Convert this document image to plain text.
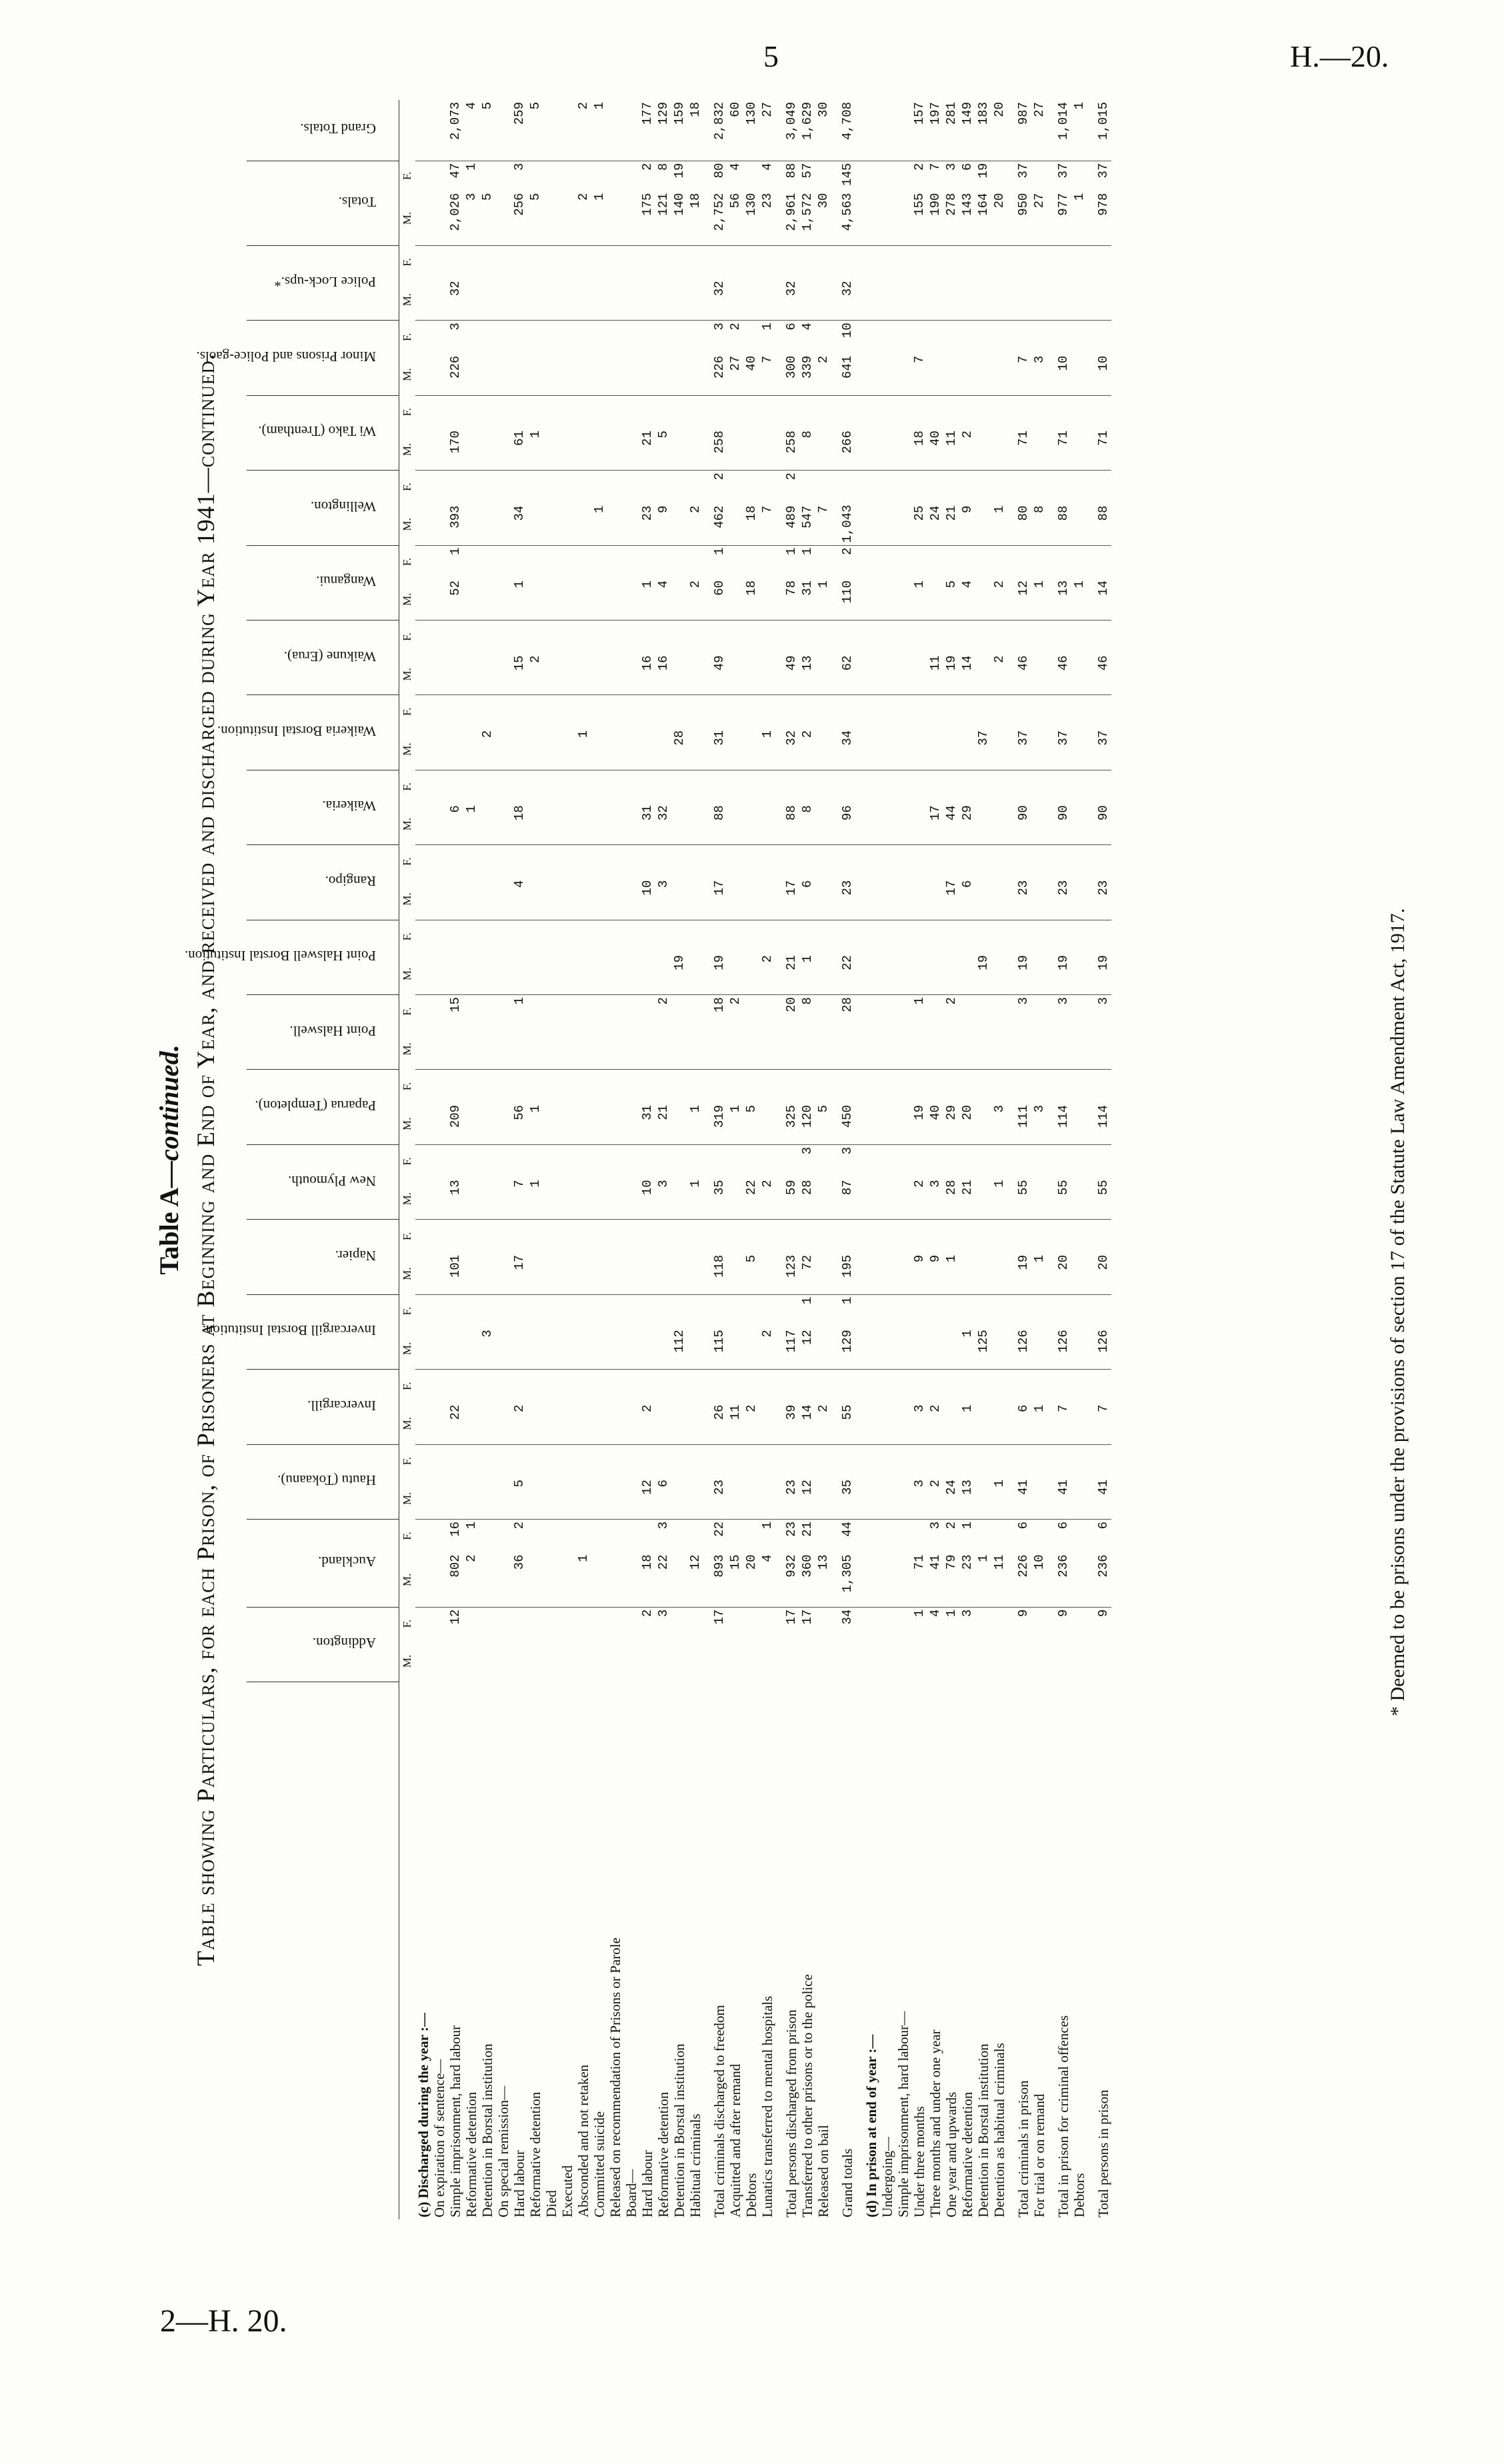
5	H.—20.
* Deemed to be prisons under the provisions of section 17 of the Statute Law Amendment Act, 1917.
2—H. 20.
Table A—continued. Table showing Particulars, for each Prison, of Prisoners at Beginning and End of Year, and received and discharged during Year 1941—continued.

	Addington.		Auckland.		Hautu (Tokaanu).		Invercargill.		Invercargill Borstal Institution.		Napier.		New Plymouth.		Paparua (Templeton).		Point Halswell.		Point Halswell Borstal Institution.		Rangipo.		Waikeria.		Waikeria Borstal Institution.		Waikune (Erua).		Wanganui.		Wellington.		Wi Tako (Trentham).		Minor Prisons and Police-gaols.		Police Lock-ups.*		Totals.		Grand Totals.

	M.	F.	M.	F.	M.	F.	M.	F.	M.	F.	M.	F.	M.	F.	M.	F.	M.	F.	M.	F.	M.	F.	M.	F.	M.	F.	M.	F.	M.	F.	M.	F.	M.	F.	M.	F.	M.	F.	M.	F.	
(c) Discharged during the year :—																																									
On expiration of sentence—																																									
Simple imprisonment, hard labour		12	802	16			22				101		13		209			15					6						52	1	393		170		226	3	32		2,026	47	2,073
Reformative detention			2	1																			1																3	1	4
Detention in Borstal institution									3																2														5		5
On special remission—																																									
Hard labour			36	2	5		2				17		7		56			1			4		18				15		1		34		61						256	3	259
Reformative detention													1		1												2						1						5		5
Died																																									
Executed																																									
Absconded and not retaken			1																						1														2		2
Committed suicide																															1								1		1
Released on recommendation of Prisons or Parole																																									
Board—																																									
Hard labour		2	18		12		2						10		31						10		31				16		1		23		21						175	2	177
Reformative detention		3	22	3	6								3		21			2			3		32				16		4		9		5						121	8	129
Detention in Borstal institution									112										19						28														140	19	159
Habitual criminals			12										1		1														2		2								18		18

Total criminals discharged to freedom		17	893	22	23		26		115		118		35		319			18	19		17		88		31		49		60	1	462	2	258		226	3	32		2,752	80	2,832
Acquitted and after remand			15				11								1			2																	27	2			56	4	60
Debtors			20				2				5		22		5														18		18				40				130		130
Lunatics transferred to mental hospitals			4	1					2				2						2						1						7				7	1			23	4	27

Total persons discharged from prison		17	932	23	23		39		117		123		59		325			20	21		17		88		32		49		78	1	489	2	258		300	6	32		2,961	88	3,049
Transferred to other prisons or to the police		17	360	21	12		14		12	1	72		28	3	120			8	1		6		8		2		13		31	1	547		8		339	4			1,572	57	1,629
Released on bail			13				2								5														1		7				2				30		30

Grand totals		34	1,305	44	35		55		129	1	195		87	3	450			28	22		23		96		34		62		110	2	1,043		266		641	10	32		4,563	145	4,708

(d) In prison at end of year :—																																									
Undergoing—																																									
Simple imprisonment, hard labour—																																									
Under three months		1	71		3		3				9		2		19			1											1		25		18		7				155	2	157
Three months and under one year		4	41	3	2		2				9		3		40								17				11				24		40						190	7	197
One year and upwards		1	79	2	24						1		28		29			2			17		44				19		5		21		11						278	3	281
Reformative detention		3	23	1	13		1		1				21		20						6		29				14		4		9		2						143	6	149
Detention in Borstal institution			1						125										19						37														164	19	183
Detention as habitual criminals			11		1								1		3												2		2		1								20		20

Total criminals in prison		9	226	6	41		6		126		19		55		111			3	19		23		90		37		46		12		80		71		7				950	37	987
For trial or on remand			10				1				1				3														1		8				3				27		27

Total in prison for criminal offences		9	236	6	41		7		126		20		55		114			3	19		23		90		37		46		13		88		71		10				977	37	1,014
Debtors																													1										1		1

Total persons in prison		9	236	6	41		7		126		20		55		114			3	19		23		90		37		46		14		88		71		10				978	37	1,015
